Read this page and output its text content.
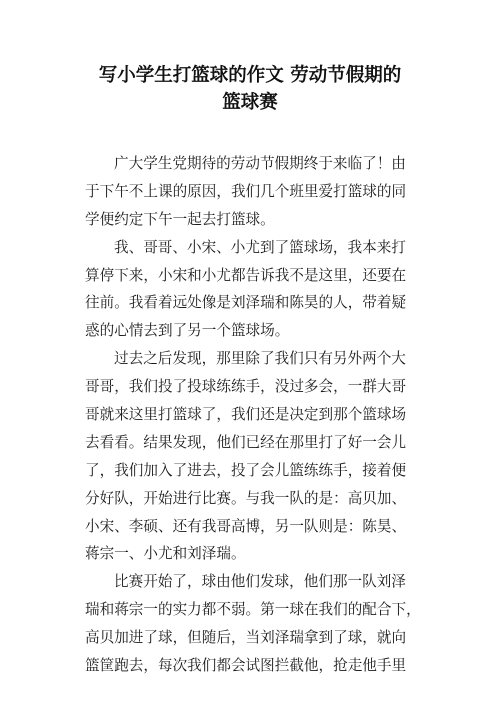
写小学生打篮球的作文 劳动节假期的
篮球赛
广大学生党期待的劳动节假期终于来临了！由
于下午不上课的原因，我们几个班里爱打篮球的同
学便约定下午一起去打篮球。
我、哥哥、小宋、小尤到了篮球场，我本来打
算停下来，小宋和小尤都告诉我不是这里，还要在
往前。我看着远处像是刘泽瑞和陈昊的人，带着疑
惑的心情去到了另一个篮球场。
过去之后发现，那里除了我们只有另外两个大
哥哥，我们投了投球练练手，没过多会，一群大哥
哥就来这里打篮球了，我们还是决定到那个篮球场
去看看。结果发现，他们已经在那里打了好一会儿
了，我们加入了进去，投了会儿篮练练手，接着便
分好队，开始进行比赛。与我一队的是：高贝加、
小宋、李硕、还有我哥高博，另一队则是：陈昊、
蒋宗一、小尤和刘泽瑞。
比赛开始了，球由他们发球，他们那一队刘泽
瑞和蒋宗一的实力都不弱。第一球在我们的配合下，
高贝加进了球，但随后，当刘泽瑞拿到了球，就向
篮筐跑去，每次我们都会试图拦截他，抢走他手里
